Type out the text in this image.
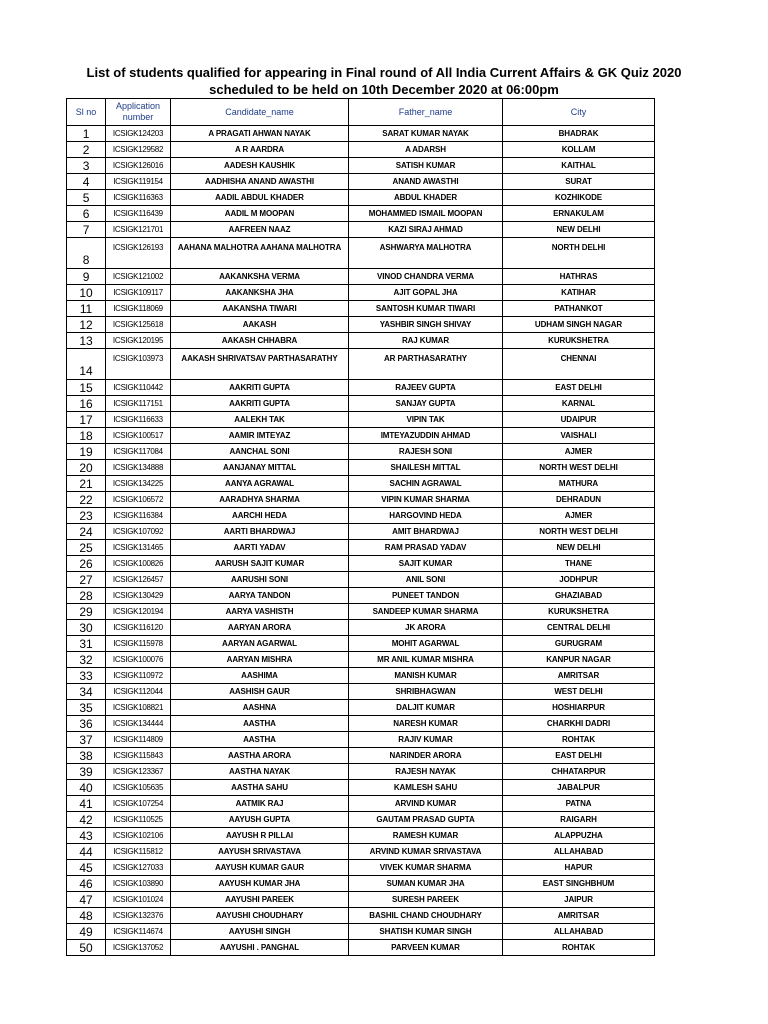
List of students qualified for appearing in Final round of All India Current Affairs & GK Quiz 2020
scheduled to be held on 10th December 2020 at 06:00pm
Sl no	Application number	Candidate_name	Father_name	City
1	ICSIGK124203	A PRAGATI AHWAN NAYAK	SARAT KUMAR NAYAK	BHADRAK
2	ICSIGK129582	A R AARDRA	A ADARSH	KOLLAM
3	ICSIGK126016	AADESH KAUSHIK	SATISH KUMAR	KAITHAL
4	ICSIGK119154	AADHISHA ANAND AWASTHI	ANAND AWASTHI	SURAT
5	ICSIGK116363	AADIL ABDUL KHADER	ABDUL KHADER	KOZHIKODE
6	ICSIGK116439	AADIL M MOOPAN	MOHAMMED ISMAIL MOOPAN	ERNAKULAM
7	ICSIGK121701	AAFREEN NAAZ	KAZI SIRAJ AHMAD	NEW DELHI
8	ICSIGK126193	AAHANA MALHOTRA AAHANA MALHOTRA	ASHWARYA MALHOTRA	NORTH DELHI
9	ICSIGK121002	AAKANKSHA VERMA	VINOD CHANDRA VERMA	HATHRAS
10	ICSIGK109117	AAKANKSHA JHA	AJIT GOPAL JHA	KATIHAR
11	ICSIGK118069	AAKANSHA TIWARI	SANTOSH KUMAR TIWARI	PATHANKOT
12	ICSIGK125618	AAKASH	YASHBIR SINGH SHIVAY	UDHAM SINGH NAGAR
13	ICSIGK120195	AAKASH CHHABRA	RAJ KUMAR	KURUKSHETRA
14	ICSIGK103973	AAKASH SHRIVATSAV PARTHASARATHY	AR PARTHASARATHY	CHENNAI
15	ICSIGK110442	AAKRITI GUPTA	RAJEEV GUPTA	EAST DELHI
16	ICSIGK117151	AAKRITI GUPTA	SANJAY GUPTA	KARNAL
17	ICSIGK116633	AALEKH TAK	VIPIN TAK	UDAIPUR
18	ICSIGK100517	AAMIR IMTEYAZ	IMTEYAZUDDIN AHMAD	VAISHALI
19	ICSIGK117084	AANCHAL SONI	RAJESH SONI	AJMER
20	ICSIGK134888	AANJANAY MITTAL	SHAILESH MITTAL	NORTH WEST DELHI
21	ICSIGK134225	AANYA AGRAWAL	SACHIN AGRAWAL	MATHURA
22	ICSIGK106572	AARADHYA SHARMA	VIPIN KUMAR SHARMA	DEHRADUN
23	ICSIGK116384	AARCHI HEDA	HARGOVIND HEDA	AJMER
24	ICSIGK107092	AARTI BHARDWAJ	AMIT BHARDWAJ	NORTH WEST DELHI
25	ICSIGK131465	AARTI YADAV	RAM PRASAD YADAV	NEW DELHI
26	ICSIGK100826	AARUSH SAJIT KUMAR	SAJIT KUMAR	THANE
27	ICSIGK126457	AARUSHI SONI	ANIL SONI	JODHPUR
28	ICSIGK130429	AARYA TANDON	PUNEET TANDON	GHAZIABAD
29	ICSIGK120194	AARYA VASHISTH	SANDEEP KUMAR SHARMA	KURUKSHETRA
30	ICSIGK116120	AARYAN ARORA	JK ARORA	CENTRAL DELHI
31	ICSIGK115978	AARYAN AGARWAL	MOHIT AGARWAL	GURUGRAM
32	ICSIGK100076	AARYAN MISHRA	MR ANIL KUMAR MISHRA	KANPUR NAGAR
33	ICSIGK110972	AASHIMA	MANISH KUMAR	AMRITSAR
34	ICSIGK112044	AASHISH GAUR	SHRIBHAGWAN	WEST DELHI
35	ICSIGK108821	AASHNA	DALJIT KUMAR	HOSHIARPUR
36	ICSIGK134444	AASTHA	NARESH KUMAR	CHARKHI DADRI
37	ICSIGK114809	AASTHA	RAJIV KUMAR	ROHTAK
38	ICSIGK115843	AASTHA ARORA	NARINDER ARORA	EAST DELHI
39	ICSIGK123367	AASTHA NAYAK	RAJESH NAYAK	CHHATARPUR
40	ICSIGK105635	AASTHA SAHU	KAMLESH SAHU	JABALPUR
41	ICSIGK107254	AATMIK RAJ	ARVIND KUMAR	PATNA
42	ICSIGK110525	AAYUSH GUPTA	GAUTAM PRASAD GUPTA	RAIGARH
43	ICSIGK102106	AAYUSH R PILLAI	RAMESH KUMAR	ALAPPUZHA
44	ICSIGK115812	AAYUSH SRIVASTAVA	ARVIND KUMAR SRIVASTAVA	ALLAHABAD
45	ICSIGK127033	AAYUSH KUMAR GAUR	VIVEK KUMAR SHARMA	HAPUR
46	ICSIGK103890	AAYUSH KUMAR JHA	SUMAN KUMAR JHA	EAST SINGHBHUM
47	ICSIGK101024	AAYUSHI PAREEK	SURESH PAREEK	JAIPUR
48	ICSIGK132376	AAYUSHI CHOUDHARY	BASHIL CHAND CHOUDHARY	AMRITSAR
49	ICSIGK114674	AAYUSHI SINGH	SHATISH KUMAR SINGH	ALLAHABAD
50	ICSIGK137052	AAYUSHI . PANGHAL	PARVEEN KUMAR	ROHTAK
